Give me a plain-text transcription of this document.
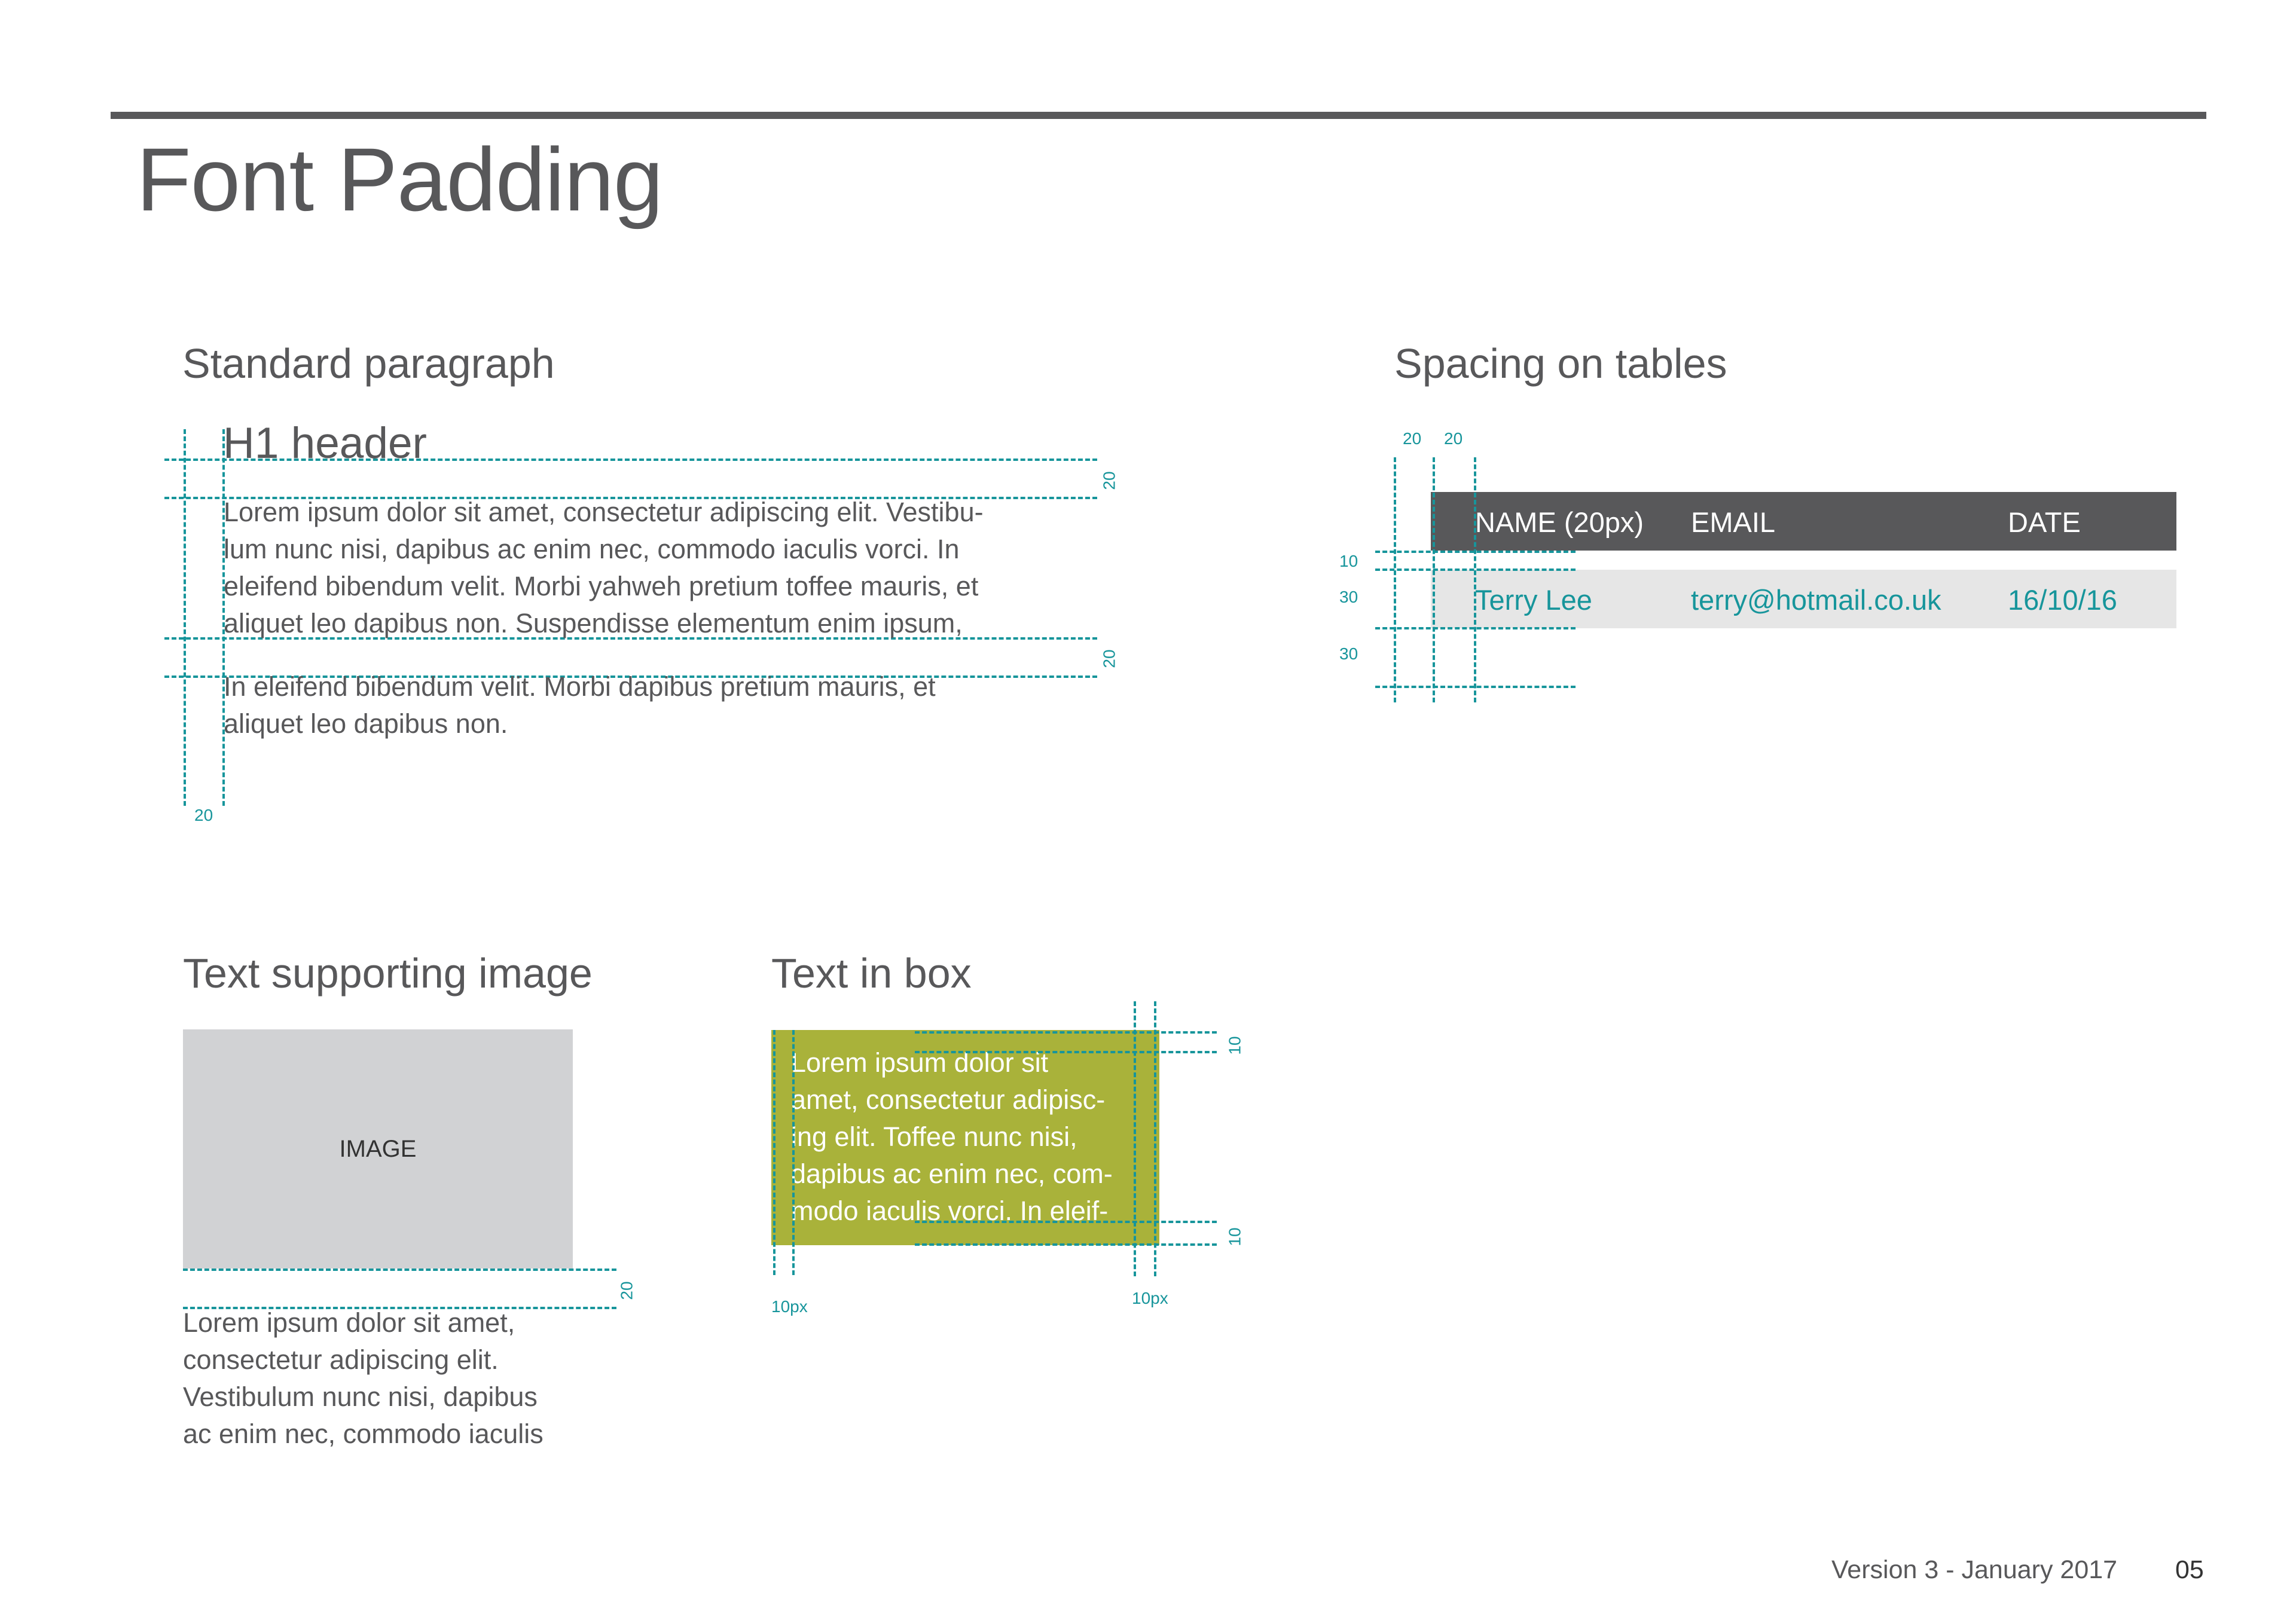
Font Padding
Standard paragraph
20
20
20
H1 header
Lorem ipsum dolor sit amet, consectetur adipiscing elit. Vestibu-
lum nunc nisi, dapibus ac enim nec, commodo iaculis vorci. In
eleifend bibendum velit. Morbi yahweh pretium toffee mauris, et
aliquet leo dapibus non. Suspendisse elementum enim ipsum,
In eleifend bibendum velit. Morbi dapibus pretium mauris, et
aliquet leo dapibus non.
Spacing on tables
20 20
10
30
30
NAME (20px) EMAIL	DATE
Terry Lee	terry@hotmail.co.uk 16/10/16
Text supporting image
IMAGE
20
Lorem ipsum dolor sit amet,
consectetur adipiscing elit.
Vestibulum nunc nisi, dapibus
ac enim nec, commodo iaculis
Text in box
Lorem ipsum dolor sit
amet, consectetur adipisc-
ing elit. Toffee nunc nisi,
dapibus ac enim nec, com-
modo iaculis vorci. In eleif-
10
10
10px	10px
Version 3 - January 2017 05
